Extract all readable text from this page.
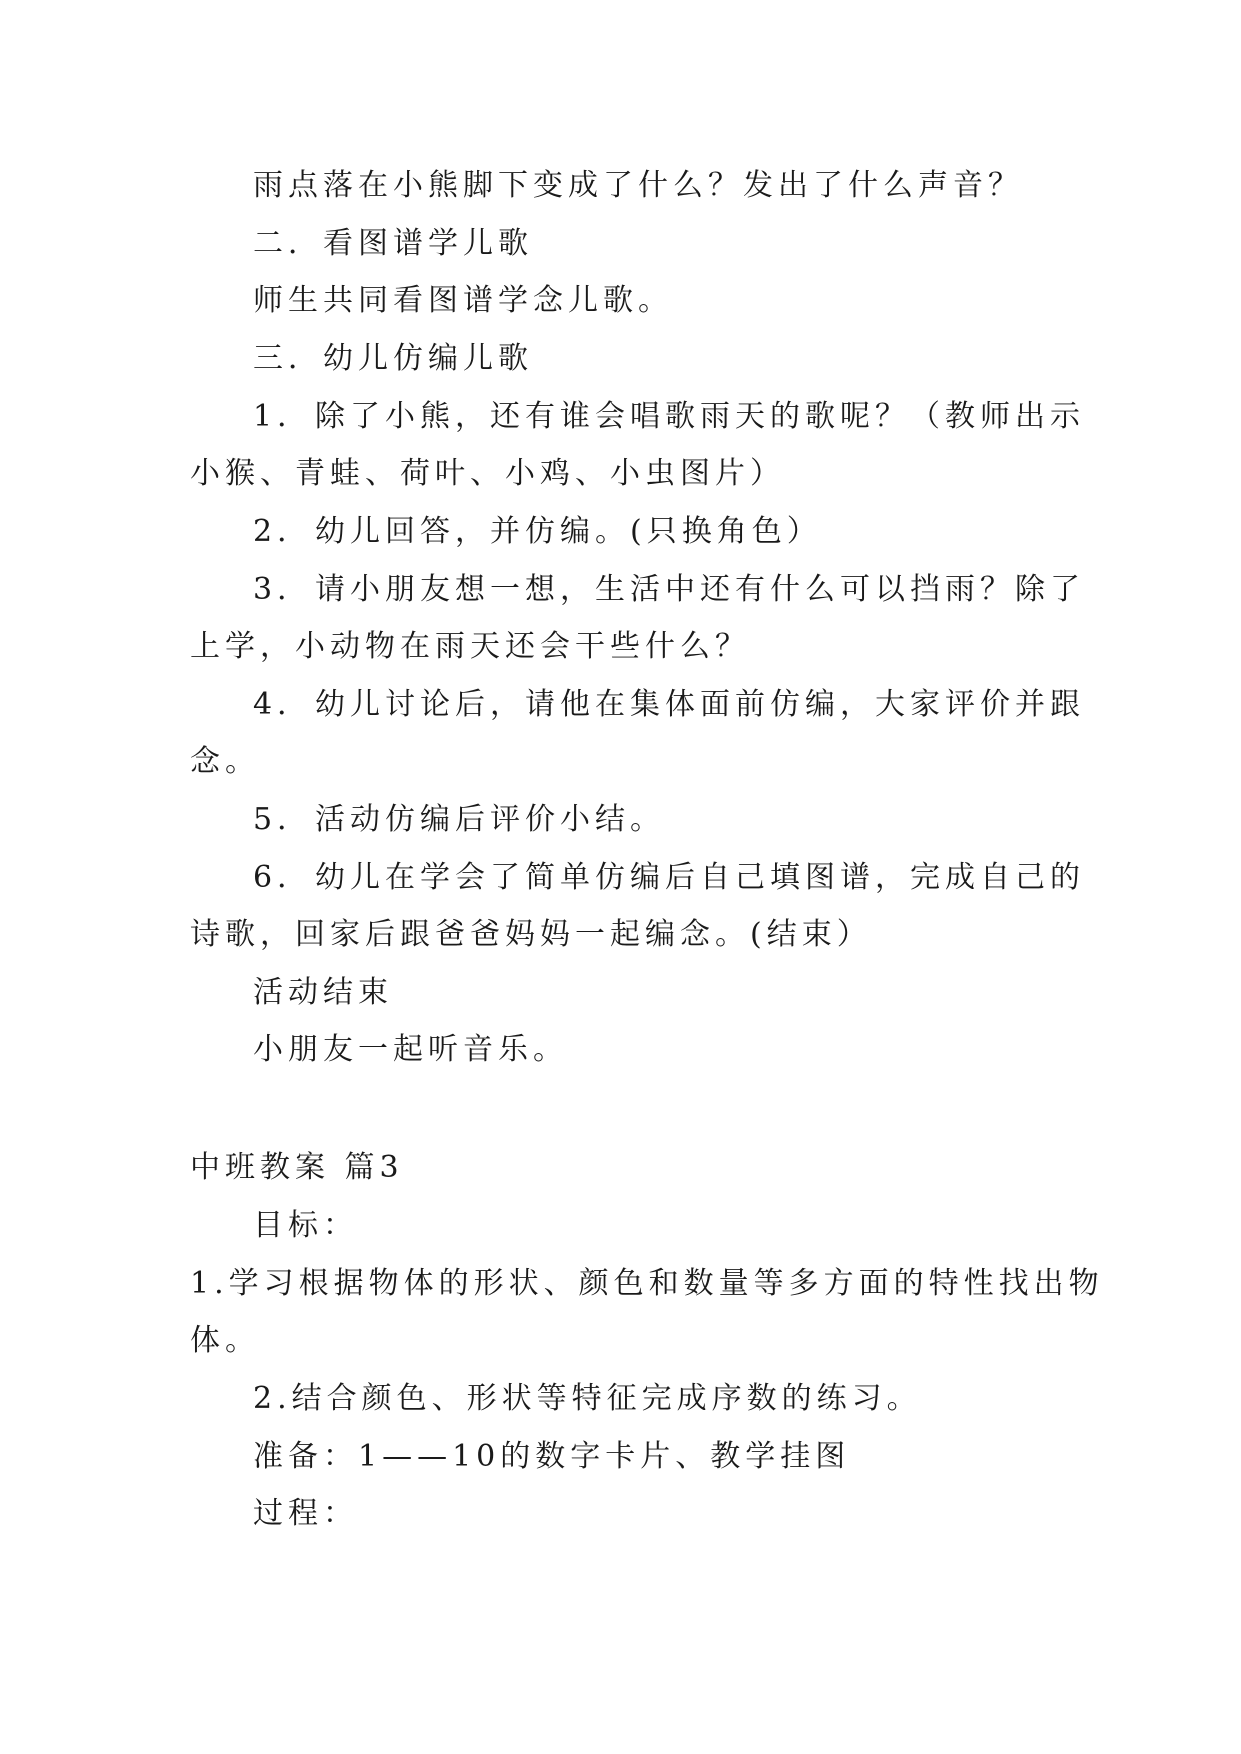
雨点落在小熊脚下变成了什么？发出了什么声音？
二．看图谱学儿歌
师生共同看图谱学念儿歌。
三．幼儿仿编儿歌
1．除了小熊，还有谁会唱歌雨天的歌呢？（教师出示
小猴、青蛙、荷叶、小鸡、小虫图片）
2．幼儿回答，并仿编。(只换角色）
3．请小朋友想一想，生活中还有什么可以挡雨？除了
上学，小动物在雨天还会干些什么？
4．幼儿讨论后，请他在集体面前仿编，大家评价并跟
念。
5．活动仿编后评价小结。
6．幼儿在学会了简单仿编后自己填图谱，完成自己的
诗歌，回家后跟爸爸妈妈一起编念。(结束）
活动结束
小朋友一起听音乐。
中班教案 篇3
目标：
1.学习根据物体的形状、颜色和数量等多方面的特性找出物
体。
2.结合颜色、形状等特征完成序数的练习。
准备：1——10的数字卡片、教学挂图
过程：
